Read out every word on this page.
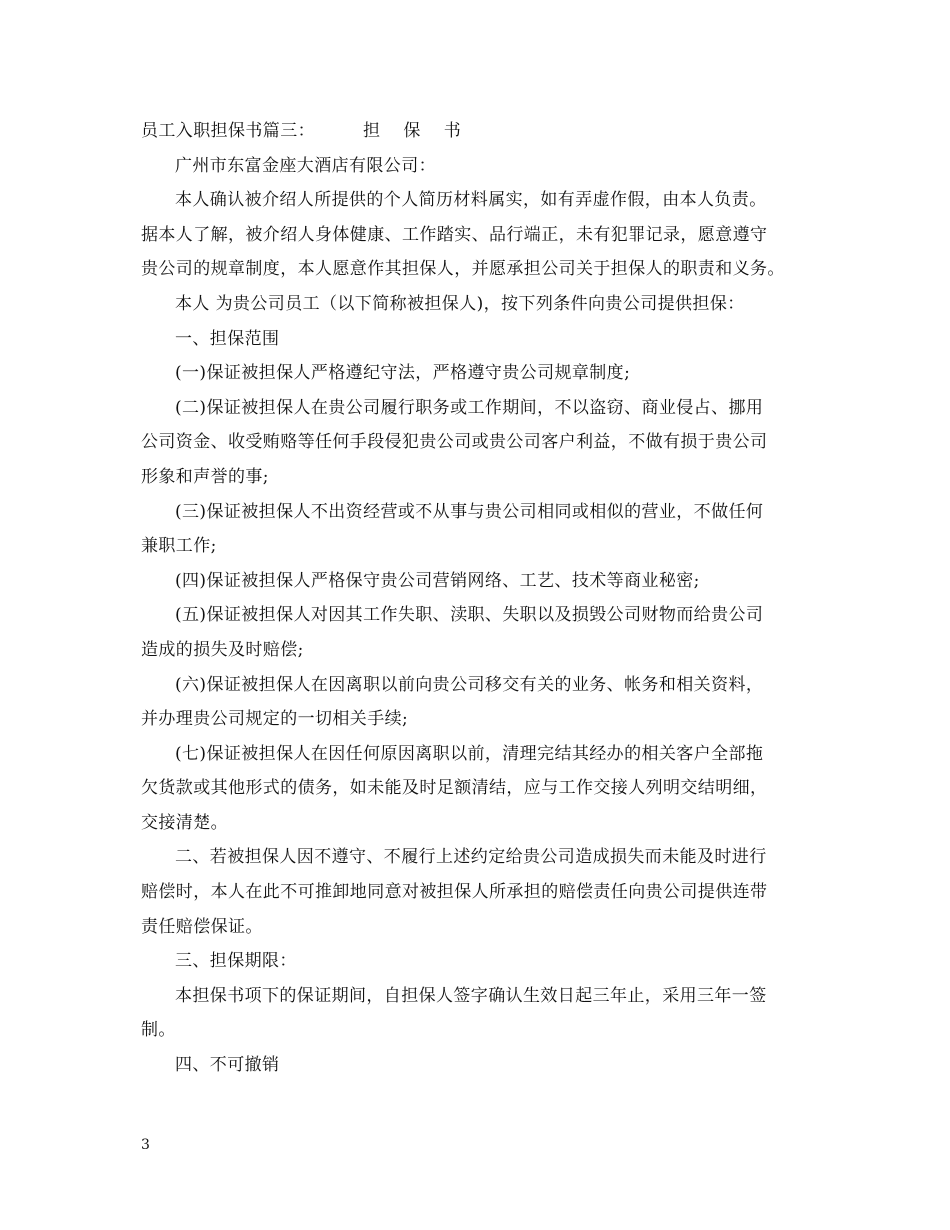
员工入职担保书篇三：	担 保 书
广州市东富金座大酒店有限公司：
本人确认被介绍人所提供的个人简历材料属实，如有弄虚作假，由本人负责。
据本人了解，被介绍人身体健康、工作踏实、品行端正，未有犯罪记录，愿意遵守
贵公司的规章制度，本人愿意作其担保人，并愿承担公司关于担保人的职责和义务。
本人 为贵公司员工（以下简称被担保人)，按下列条件向贵公司提供担保：
一、担保范围
(一)保证被担保人严格遵纪守法，严格遵守贵公司规章制度;
(二)保证被担保人在贵公司履行职务或工作期间，不以盗窃、商业侵占、挪用
公司资金、收受贿赂等任何手段侵犯贵公司或贵公司客户利益，不做有损于贵公司
形象和声誉的事;
(三)保证被担保人不出资经营或不从事与贵公司相同或相似的营业，不做任何
兼职工作;
(四)保证被担保人严格保守贵公司营销网络、工艺、技术等商业秘密;
(五)保证被担保人对因其工作失职、渎职、失职以及损毁公司财物而给贵公司
造成的损失及时赔偿;
(六)保证被担保人在因离职以前向贵公司移交有关的业务、帐务和相关资料，
并办理贵公司规定的一切相关手续;
(七)保证被担保人在因任何原因离职以前，清理完结其经办的相关客户全部拖
欠货款或其他形式的债务，如未能及时足额清结，应与工作交接人列明交结明细，
交接清楚。
二、若被担保人因不遵守、不履行上述约定给贵公司造成损失而未能及时进行
赔偿时，本人在此不可推卸地同意对被担保人所承担的赔偿责任向贵公司提供连带
责任赔偿保证。
三、担保期限：
本担保书项下的保证期间，自担保人签字确认生效日起三年止，采用三年一签
制。
四、不可撤销
3
